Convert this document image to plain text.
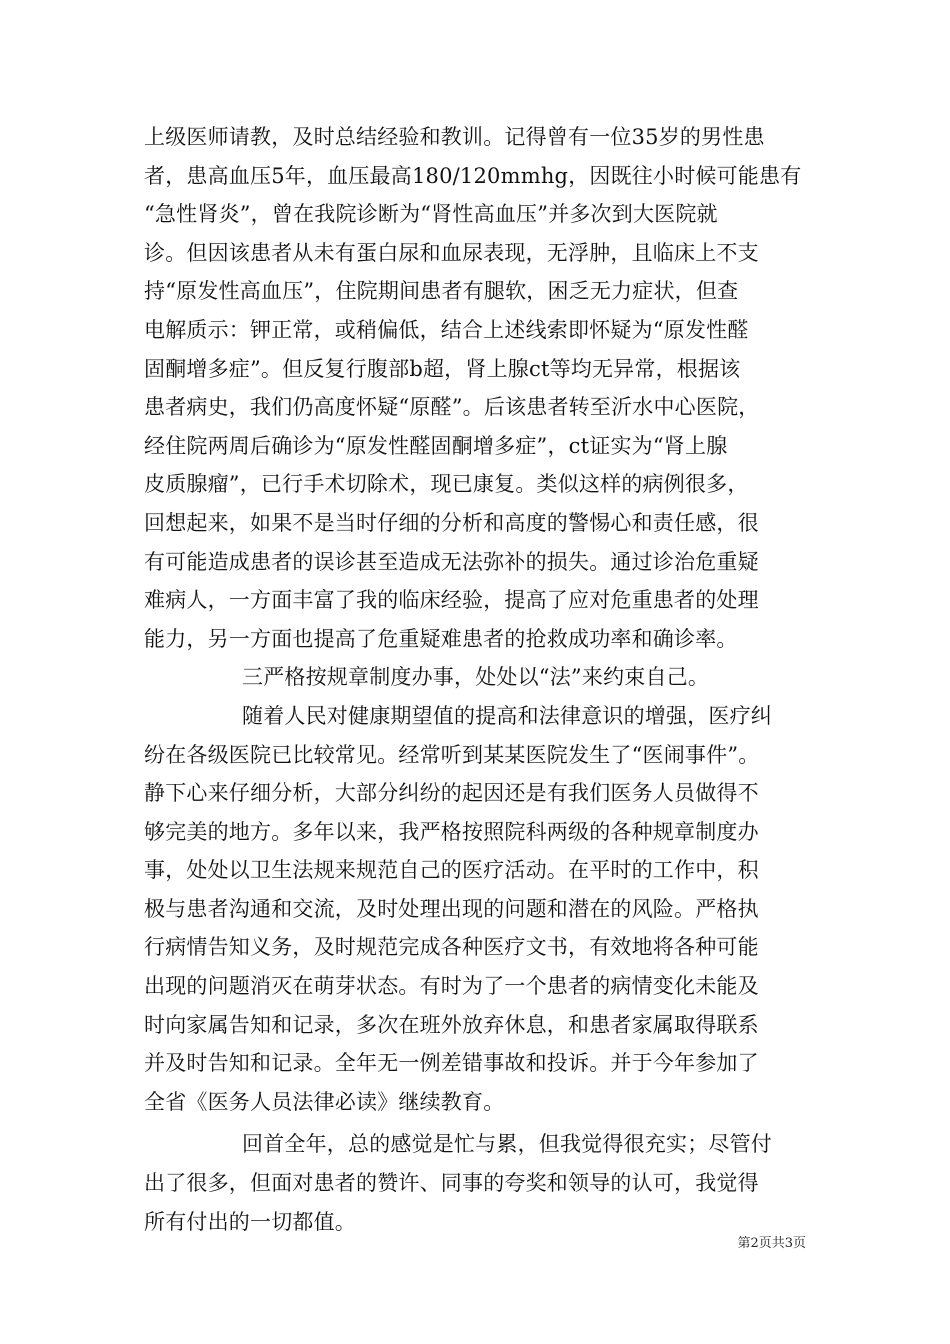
上级医师请教，及时总结经验和教训。记得曾有一位35岁的男性患
者，患高血压5年，血压最高180/120mmhg，因既往小时候可能患有
“急性肾炎”，曾在我院诊断为“肾性高血压”并多次到大医院就
诊。但因该患者从未有蛋白尿和血尿表现，无浮肿，且临床上不支
持“原发性高血压”，住院期间患者有腿软，困乏无力症状，但查
电解质示：钾正常，或稍偏低，结合上述线索即怀疑为“原发性醛
固酮增多症”。但反复行腹部b超，肾上腺ct等均无异常，根据该
患者病史，我们仍高度怀疑“原醛”。后该患者转至沂水中心医院，
经住院两周后确诊为“原发性醛固酮增多症”，ct证实为“肾上腺
皮质腺瘤”，已行手术切除术，现已康复。类似这样的病例很多，
回想起来，如果不是当时仔细的分析和高度的警惕心和责任感，很
有可能造成患者的误诊甚至造成无法弥补的损失。通过诊治危重疑
难病人，一方面丰富了我的临床经验，提高了应对危重患者的处理
能力，另一方面也提高了危重疑难患者的抢救成功率和确诊率。
三严格按规章制度办事，处处以“法”来约束自己。
随着人民对健康期望值的提高和法律意识的增强，医疗纠
纷在各级医院已比较常见。经常听到某某医院发生了“医闹事件”。
静下心来仔细分析，大部分纠纷的起因还是有我们医务人员做得不
够完美的地方。多年以来，我严格按照院科两级的各种规章制度办
事，处处以卫生法规来规范自己的医疗活动。在平时的工作中，积
极与患者沟通和交流，及时处理出现的问题和潜在的风险。严格执
行病情告知义务，及时规范完成各种医疗文书，有效地将各种可能
出现的问题消灭在萌芽状态。有时为了一个患者的病情变化未能及
时向家属告知和记录，多次在班外放弃休息，和患者家属取得联系
并及时告知和记录。全年无一例差错事故和投诉。并于今年参加了
全省《医务人员法律必读》继续教育。
回首全年，总的感觉是忙与累，但我觉得很充实；尽管付
出了很多，但面对患者的赞许、同事的夸奖和领导的认可，我觉得
所有付出的一切都值。
第2页共3页
